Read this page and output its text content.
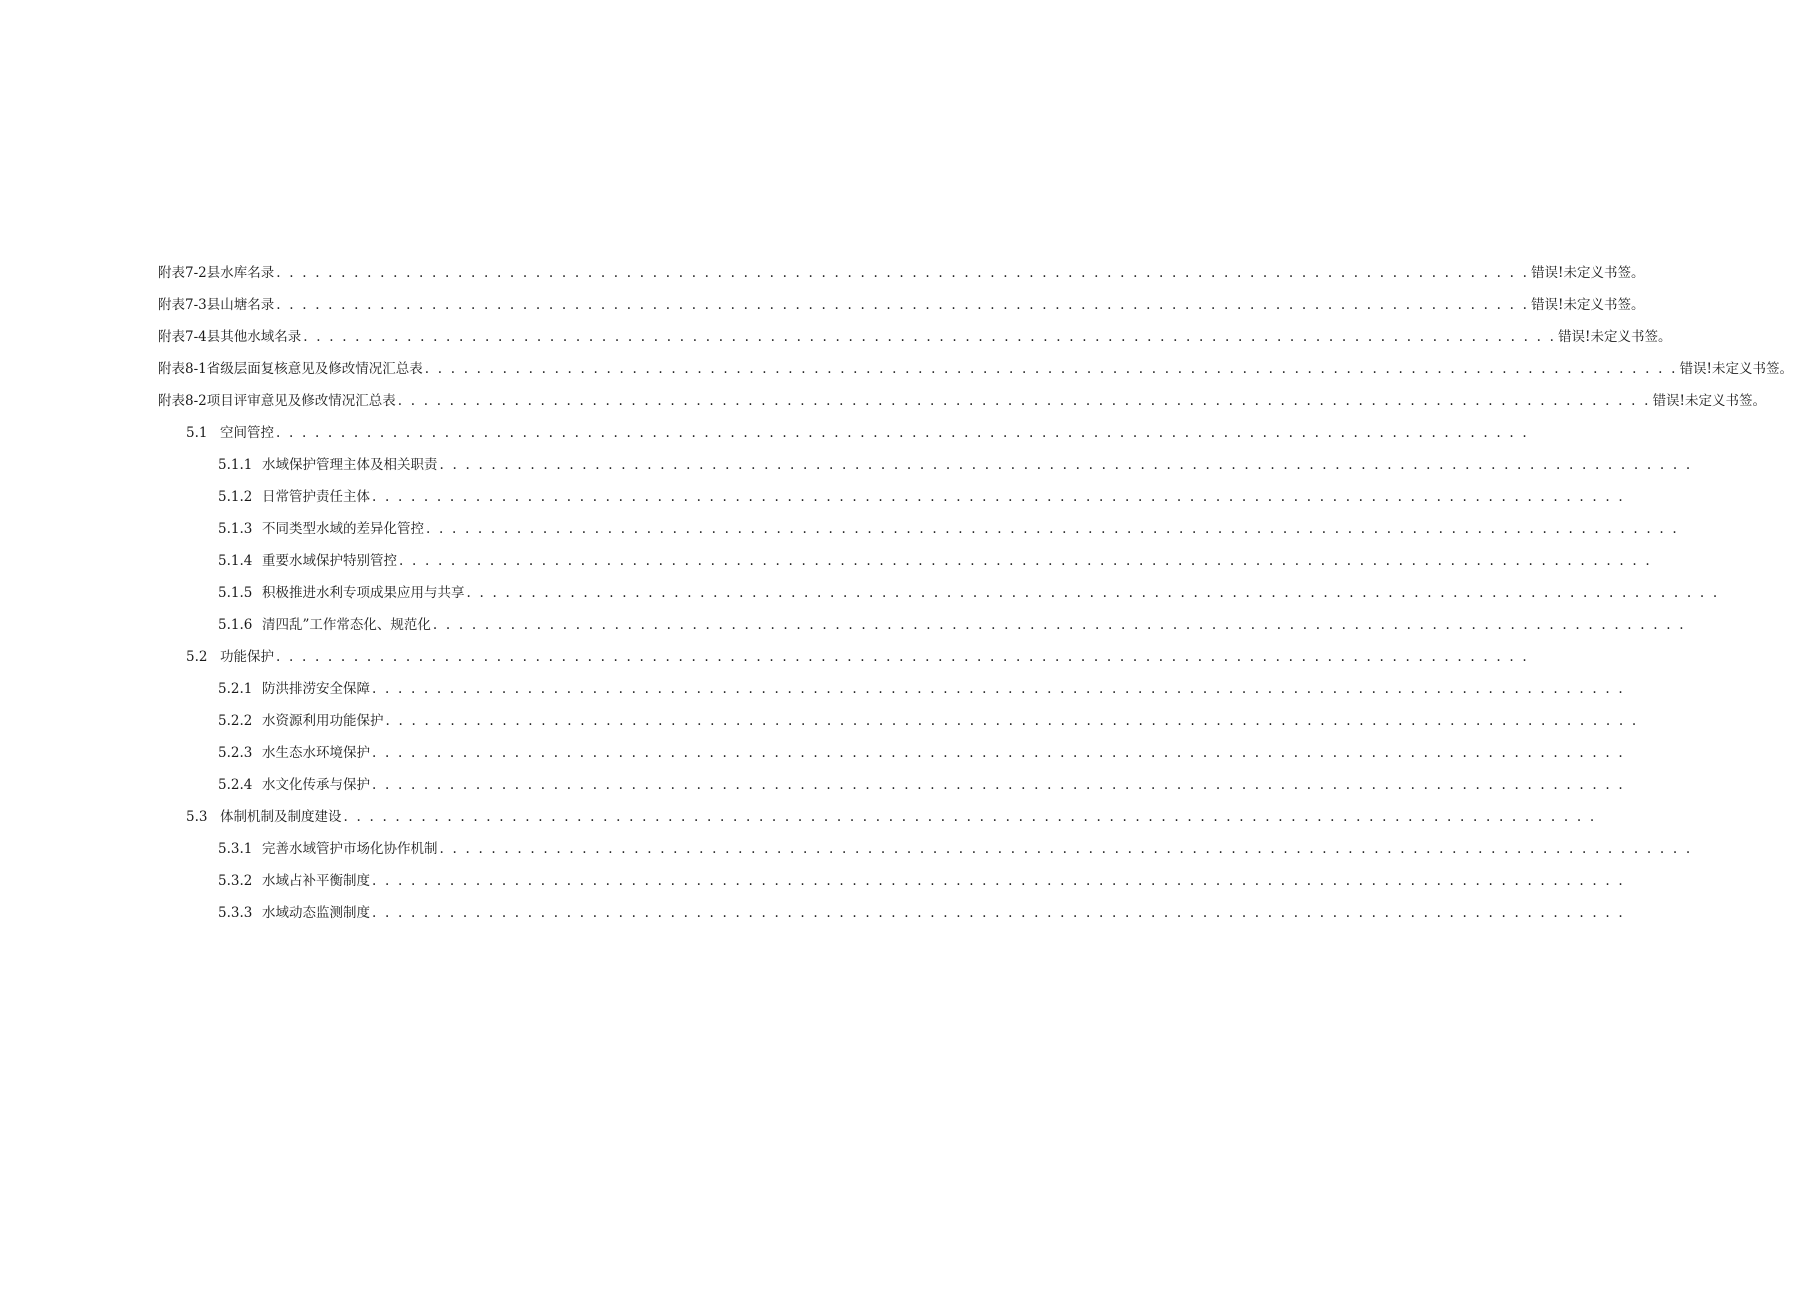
附表7-2县水库名录 . . . . . . . . . . . . . . . . . . . . . . . . . . . . . . . . . . . . . . . . . . . . . . . . . . . . . . . . . . . . . . . . . . . . . . . . . . . . . . . . . . . . . . . . . . . . . . . . . 错误!未定义书签。
附表7-3县山塘名录 . . . . . . . . . . . . . . . . . . . . . . . . . . . . . . . . . . . . . . . . . . . . . . . . . . . . . . . . . . . . . . . . . . . . . . . . . . . . . . . . . . . . . . . . . . . . . . . . . 错误!未定义书签。
附表7-4县其他水域名录 . . . . . . . . . . . . . . . . . . . . . . . . . . . . . . . . . . . . . . . . . . . . . . . . . . . . . . . . . . . . . . . . . . . . . . . . . . . . . . . . . . . . . . . . . . . . . . . . . 错误!未定义书签。
附表8-1省级层面复核意见及修改情况汇总表 . . . . . . . . . . . . . . . . . . . . . . . . . . . . . . . . . . . . . . . . . . . . . . . . . . . . . . . . . . . . . . . . . . . . . . . . . . . . . . . . . . . . . . . . . . . . . . . . . 错误!未定义书签。
附表8-2项目评审意见及修改情况汇总表 . . . . . . . . . . . . . . . . . . . . . . . . . . . . . . . . . . . . . . . . . . . . . . . . . . . . . . . . . . . . . . . . . . . . . . . . . . . . . . . . . . . . . . . . . . . . . . . . . 错误!未定义书签。
5.1 空间管控 . . . . . . . . . . . . . . . . . . . . . . . . . . . . . . . . . . . . . . . . . . . . . . . . . . . . . . . . . . . . . . . . . . . . . . . . . . . . . . . . . . . . . . . . . . . . . . . . .
5.1.1 水域保护管理主体及相关职责 . . . . . . . . . . . . . . . . . . . . . . . . . . . . . . . . . . . . . . . . . . . . . . . . . . . . . . . . . . . . . . . . . . . . . . . . . . . . . . . . . . . . . . . . . . . . . . . . .
5.1.2 日常管护责任主体 . . . . . . . . . . . . . . . . . . . . . . . . . . . . . . . . . . . . . . . . . . . . . . . . . . . . . . . . . . . . . . . . . . . . . . . . . . . . . . . . . . . . . . . . . . . . . . . . .
5.1.3 不同类型水域的差异化管控 . . . . . . . . . . . . . . . . . . . . . . . . . . . . . . . . . . . . . . . . . . . . . . . . . . . . . . . . . . . . . . . . . . . . . . . . . . . . . . . . . . . . . . . . . . . . . . . . .
5.1.4 重要水域保护特别管控 . . . . . . . . . . . . . . . . . . . . . . . . . . . . . . . . . . . . . . . . . . . . . . . . . . . . . . . . . . . . . . . . . . . . . . . . . . . . . . . . . . . . . . . . . . . . . . . . .
5.1.5 积极推进水利专项成果应用与共享 . . . . . . . . . . . . . . . . . . . . . . . . . . . . . . . . . . . . . . . . . . . . . . . . . . . . . . . . . . . . . . . . . . . . . . . . . . . . . . . . . . . . . . . . . . . . . . . . .
5.1.6 清四乱”工作常态化、规范化 . . . . . . . . . . . . . . . . . . . . . . . . . . . . . . . . . . . . . . . . . . . . . . . . . . . . . . . . . . . . . . . . . . . . . . . . . . . . . . . . . . . . . . . . . . . . . . . . .
5.2 功能保护 . . . . . . . . . . . . . . . . . . . . . . . . . . . . . . . . . . . . . . . . . . . . . . . . . . . . . . . . . . . . . . . . . . . . . . . . . . . . . . . . . . . . . . . . . . . . . . . . .
5.2.1 防洪排涝安全保障 . . . . . . . . . . . . . . . . . . . . . . . . . . . . . . . . . . . . . . . . . . . . . . . . . . . . . . . . . . . . . . . . . . . . . . . . . . . . . . . . . . . . . . . . . . . . . . . . .
5.2.2 水资源利用功能保护 . . . . . . . . . . . . . . . . . . . . . . . . . . . . . . . . . . . . . . . . . . . . . . . . . . . . . . . . . . . . . . . . . . . . . . . . . . . . . . . . . . . . . . . . . . . . . . . . .
5.2.3 水生态水环境保护 . . . . . . . . . . . . . . . . . . . . . . . . . . . . . . . . . . . . . . . . . . . . . . . . . . . . . . . . . . . . . . . . . . . . . . . . . . . . . . . . . . . . . . . . . . . . . . . . .
5.2.4 水文化传承与保护 . . . . . . . . . . . . . . . . . . . . . . . . . . . . . . . . . . . . . . . . . . . . . . . . . . . . . . . . . . . . . . . . . . . . . . . . . . . . . . . . . . . . . . . . . . . . . . . . .
5.3 体制机制及制度建设 . . . . . . . . . . . . . . . . . . . . . . . . . . . . . . . . . . . . . . . . . . . . . . . . . . . . . . . . . . . . . . . . . . . . . . . . . . . . . . . . . . . . . . . . . . . . . . . . .
5.3.1 完善水域管护市场化协作机制 . . . . . . . . . . . . . . . . . . . . . . . . . . . . . . . . . . . . . . . . . . . . . . . . . . . . . . . . . . . . . . . . . . . . . . . . . . . . . . . . . . . . . . . . . . . . . . . . .
5.3.2 水域占补平衡制度 . . . . . . . . . . . . . . . . . . . . . . . . . . . . . . . . . . . . . . . . . . . . . . . . . . . . . . . . . . . . . . . . . . . . . . . . . . . . . . . . . . . . . . . . . . . . . . . . .
5.3.3 水域动态监测制度 . . . . . . . . . . . . . . . . . . . . . . . . . . . . . . . . . . . . . . . . . . . . . . . . . . . . . . . . . . . . . . . . . . . . . . . . . . . . . . . . . . . . . . . . . . . . . . . . .
